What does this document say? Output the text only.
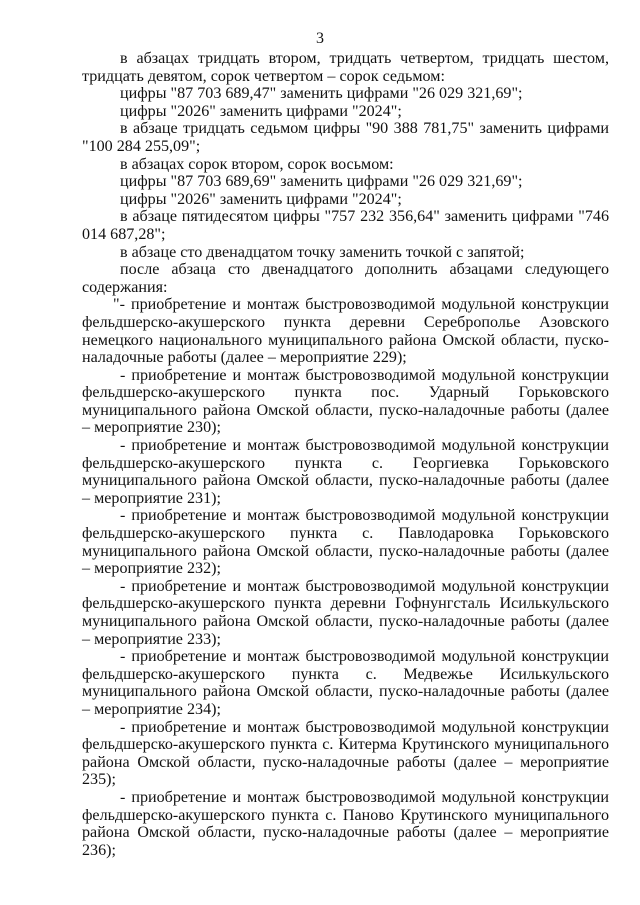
3

в абзацах тридцать втором, тридцать четвертом, тридцать шестом, тридцать девятом, сорок четвертом – сорок седьмом:

цифры "87 703 689,47" заменить цифрами "26 029 321,69";

цифры "2026" заменить цифрами "2024";

в абзаце тридцать седьмом цифры "90 388 781,75" заменить цифрами "100 284 255,09";

в абзацах сорок втором, сорок восьмом:

цифры "87 703 689,69" заменить цифрами "26 029 321,69";

цифры "2026" заменить цифрами "2024";

в абзаце пятидесятом цифры "757 232 356,64" заменить цифрами "746 014 687,28";

в абзаце сто двенадцатом точку заменить точкой с запятой;

после абзаца сто двенадцатого дополнить абзацами следующего содержания:

"- приобретение и монтаж быстровозводимой модульной конструкции фельдшерско-акушерского пункта деревни Сереброполье Азовского немецкого национального муниципального района Омской области, пуско-наладочные работы (далее – мероприятие 229);

- приобретение и монтаж быстровозводимой модульной конструкции фельдшерско-акушерского пункта пос. Ударный Горьковского муниципального района Омской области, пуско-наладочные работы (далее – мероприятие 230);

- приобретение и монтаж быстровозводимой модульной конструкции фельдшерско-акушерского пункта с. Георгиевка Горьковского муниципального района Омской области, пуско-наладочные работы (далее – мероприятие 231);

- приобретение и монтаж быстровозводимой модульной конструкции фельдшерско-акушерского пункта с. Павлодаровка Горьковского муниципального района Омской области, пуско-наладочные работы (далее – мероприятие 232);

- приобретение и монтаж быстровозводимой модульной конструкции фельдшерско-акушерского пункта деревни Гофнунгсталь Исилькульского муниципального района Омской области, пуско-наладочные работы (далее – мероприятие 233);

- приобретение и монтаж быстровозводимой модульной конструкции фельдшерско-акушерского пункта с. Медвежье Исилькульского муниципального района Омской области, пуско-наладочные работы (далее – мероприятие 234);

- приобретение и монтаж быстровозводимой модульной конструкции фельдшерско-акушерского пункта с. Китерма Крутинского муниципального района Омской области, пуско-наладочные работы (далее – мероприятие 235);

- приобретение и монтаж быстровозводимой модульной конструкции фельдшерско-акушерского пункта с. Паново Крутинского муниципального района Омской области, пуско-наладочные работы (далее – мероприятие 236);
